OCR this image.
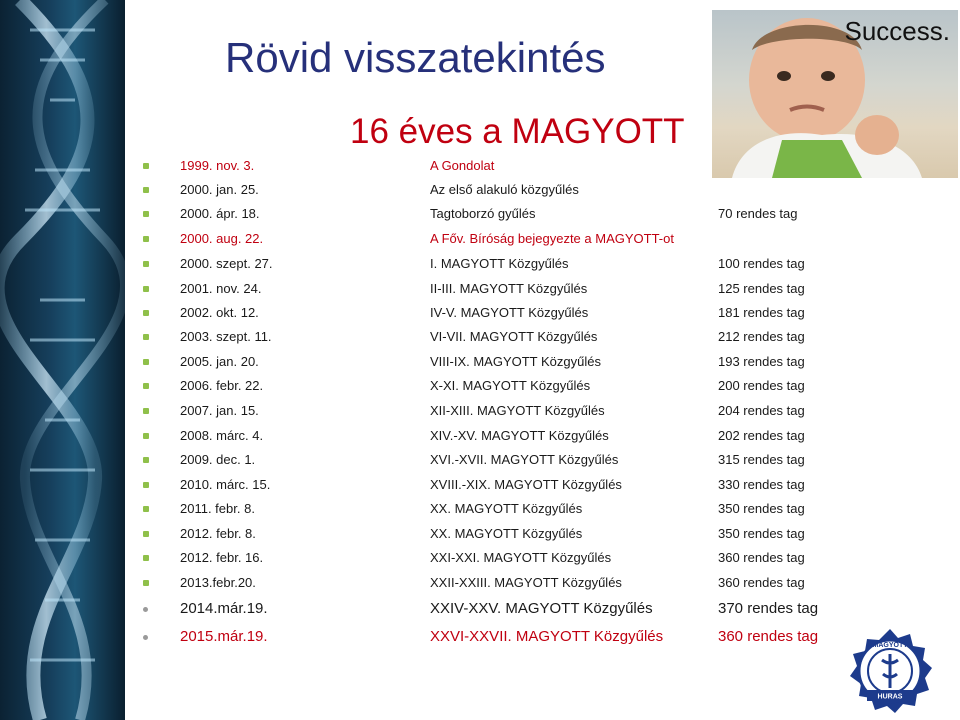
Rövid visszatekintés
16 éves a MAGYOTT
Success.
1999. nov. 3.	A Gondolat
2000. jan. 25.	Az első alakuló közgyűlés
2000. ápr. 18.	Tagtoborzó gyűlés	70 rendes tag
2000. aug. 22.	A Főv. Bíróság bejegyezte a MAGYOTT-ot
2000. szept. 27.	I. MAGYOTT Közgyűlés	100 rendes tag
2001. nov. 24.	II-III. MAGYOTT Közgyűlés	125 rendes tag
2002. okt. 12.	IV-V. MAGYOTT Közgyűlés	181 rendes tag
2003. szept. 11.	VI-VII. MAGYOTT Közgyűlés	212 rendes tag
2005. jan. 20.	VIII-IX. MAGYOTT Közgyűlés	193 rendes tag
2006. febr. 22.	X-XI. MAGYOTT Közgyűlés	200 rendes tag
2007. jan. 15.	XII-XIII. MAGYOTT Közgyűlés	204 rendes tag
2008. márc. 4.	XIV.-XV. MAGYOTT Közgyűlés	202 rendes tag
2009. dec. 1.	XVI.-XVII. MAGYOTT Közgyűlés	315 rendes tag
2010. márc. 15.	XVIII.-XIX. MAGYOTT Közgyűlés	330 rendes tag
2011. febr. 8.	XX. MAGYOTT Közgyűlés	350 rendes tag
2012. febr. 8.	XX. MAGYOTT Közgyűlés	350 rendes tag
2012. febr. 16.	XXI-XXI. MAGYOTT Közgyűlés	360 rendes tag
2013.febr.20.	XXII-XXIII. MAGYOTT Közgyűlés	360 rendes tag
2014.már.19.	XXIV-XXV. MAGYOTT Közgyűlés	370 rendes tag
2015.már.19.	XXVI-XXVII. MAGYOTT Közgyűlés	360 rendes tag
MAGYOTT
HURAS
